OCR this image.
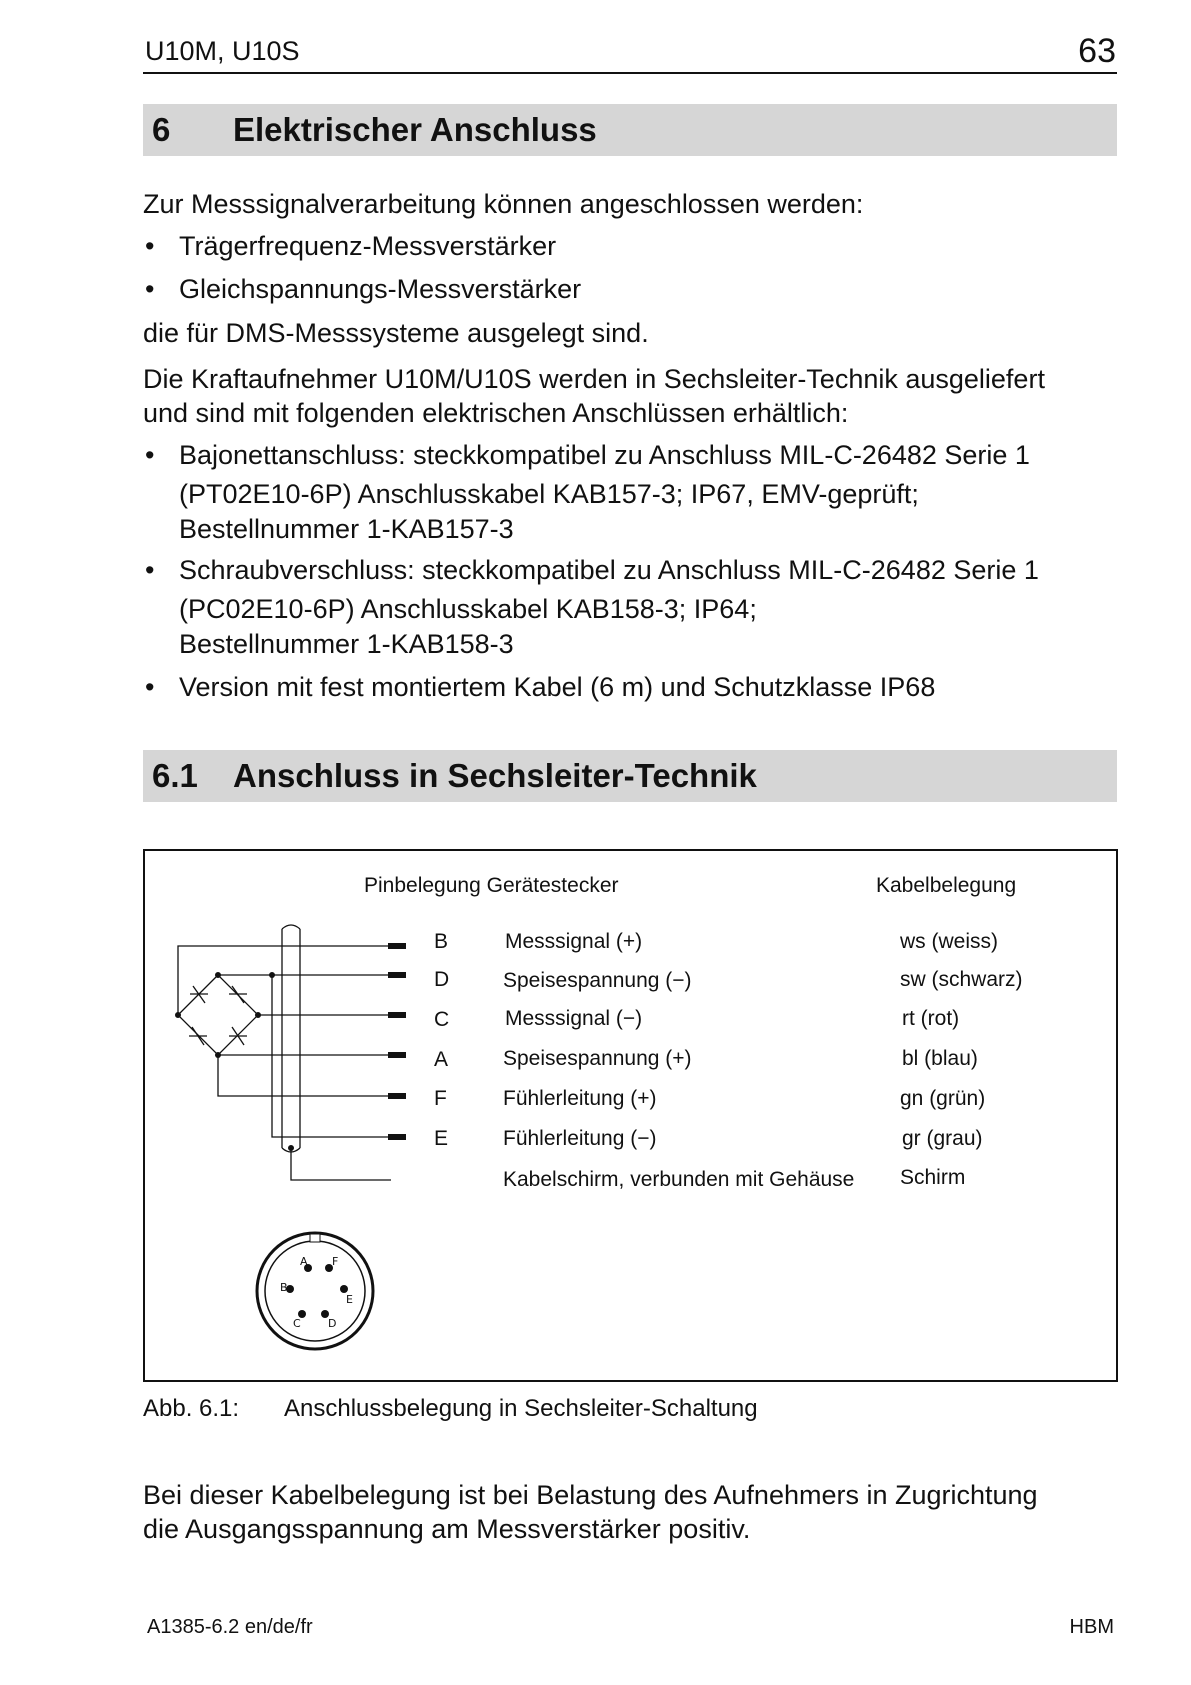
U10M, U10S	63
6 Elektrischer Anschluss
Zur Messsignalverarbeitung können angeschlossen werden:
• Trägerfrequenz-Messverstärker
• Gleichspannungs-Messverstärker
die für DMS-Messsysteme ausgelegt sind.
Die Kraftaufnehmer U10M/U10S werden in Sechsleiter-Technik ausgeliefert
und sind mit folgenden elektrischen Anschlüssen erhältlich:
• Bajonettanschluss: steckkompatibel zu Anschluss MIL-C-26482 Serie 1
(PT02E10-6P) Anschlusskabel KAB157-3; IP67, EMV-geprüft;
Bestellnummer 1-KAB157-3
• Schraubverschluss: steckkompatibel zu Anschluss MIL-C-26482 Serie 1
(PC02E10-6P) Anschlusskabel KAB158-3; IP64;
Bestellnummer 1-KAB158-3
• Version mit fest montiertem Kabel (6 m) und Schutzklasse IP68
6.1 Anschluss in Sechsleiter-Technik
A F
B
E
C D
Pinbelegung Gerätestecker	Kabelbelegung
B	Messsignal (+)	ws (weiss)
D	Speisespannung (−)	sw (schwarz)
C	Messsignal (−)	rt (rot)
A	Speisespannung (+)	bl (blau)
F	Fühlerleitung (+)	gn (grün)
E	Fühlerleitung (−)	gr (grau)
Kabelschirm, verbunden mit Gehäuse Schirm
Abb. 6.1: Anschlussbelegung in Sechsleiter-Schaltung
Bei dieser Kabelbelegung ist bei Belastung des Aufnehmers in Zugrichtung
die Ausgangsspannung am Messverstärker positiv.
A1385-6.2 en/de/fr	HBM
